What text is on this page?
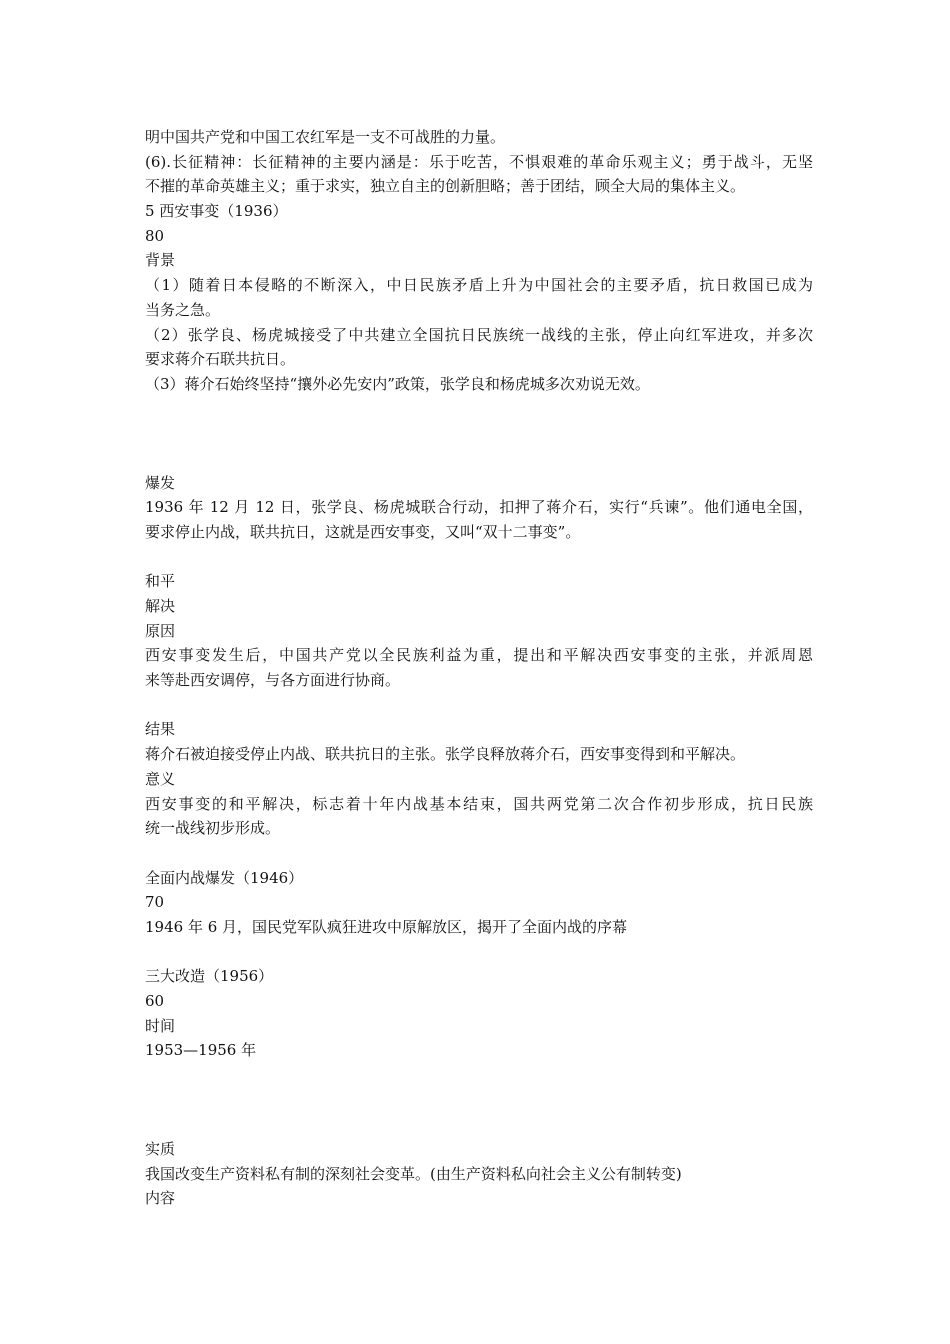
明中国共产党和中国工农红军是一支不可战胜的力量。
(6).长征精神：长征精神的主要内涵是：乐于吃苦，不惧艰难的革命乐观主义；勇于战斗，无坚
不摧的革命英雄主义；重于求实，独立自主的创新胆略；善于团结，顾全大局的集体主义。
5 西安事变（1936）
80
背景
（1）随着日本侵略的不断深入，中日民族矛盾上升为中国社会的主要矛盾，抗日救国已成为
当务之急。
（2）张学良、杨虎城接受了中共建立全国抗日民族统一战线的主张，停止向红军进攻，并多次
要求蒋介石联共抗日。
（3）蒋介石始终坚持“攘外必先安内”政策，张学良和杨虎城多次劝说无效。
爆发
1936 年 12 月 12 日，张学良、杨虎城联合行动，扣押了蒋介石，实行“兵谏”。他们通电全国，
要求停止内战，联共抗日，这就是西安事变，又叫“双十二事变”。
和平
解决
原因
西安事变发生后，中国共产党以全民族利益为重，提出和平解决西安事变的主张，并派周恩
来等赴西安调停，与各方面进行协商。
结果
蒋介石被迫接受停止内战、联共抗日的主张。张学良释放蒋介石，西安事变得到和平解决。
意义
西安事变的和平解决，标志着十年内战基本结束，国共两党第二次合作初步形成，抗日民族
统一战线初步形成。
全面内战爆发（1946）
70
1946 年 6 月，国民党军队疯狂进攻中原解放区，揭开了全面内战的序幕
三大改造（1956）
60
时间
1953—1956 年
实质
我国改变生产资料私有制的深刻社会变革。(由生产资料私向社会主义公有制转变)
内容
